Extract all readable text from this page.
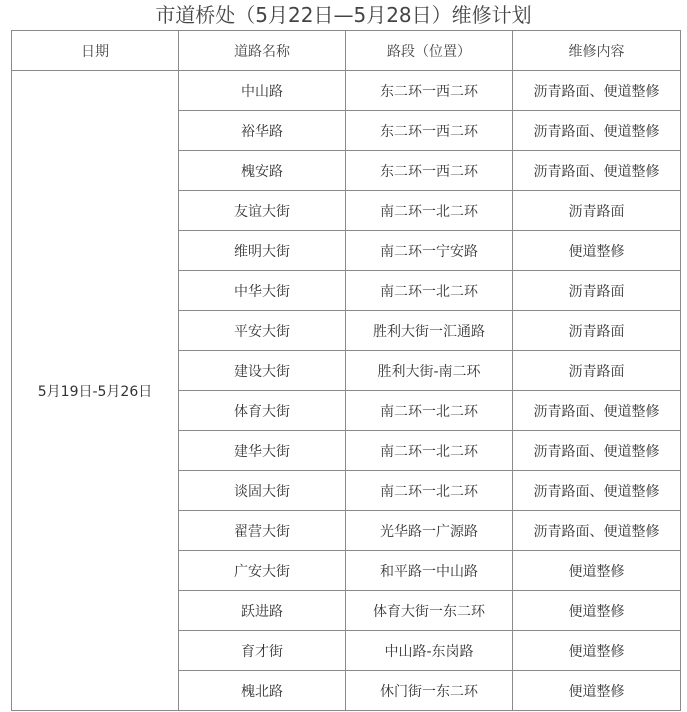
市道桥处（5月22日—5月28日）维修计划
日期	道路名称	路段（位置）	维修内容
5月19日-5月26日	中山路	东二环一西二环	沥青路面、便道整修
	裕华路	东二环一西二环	沥青路面、便道整修
	槐安路	东二环一西二环	沥青路面、便道整修
	友谊大街	南二环一北二环	沥青路面
	维明大街	南二环一宁安路	便道整修
	中华大街	南二环一北二环	沥青路面
	平安大街	胜利大街一汇通路	沥青路面
	建设大街	胜利大街-南二环	沥青路面
	体育大街	南二环一北二环	沥青路面、便道整修
	建华大街	南二环一北二环	沥青路面、便道整修
	谈固大街	南二环一北二环	沥青路面、便道整修
	翟营大街	光华路一广源路	沥青路面、便道整修
	广安大街	和平路一中山路	便道整修
	跃进路	体育大街一东二环	便道整修
	育才街	中山路-东岗路	便道整修
	槐北路	休门街一东二环	便道整修
